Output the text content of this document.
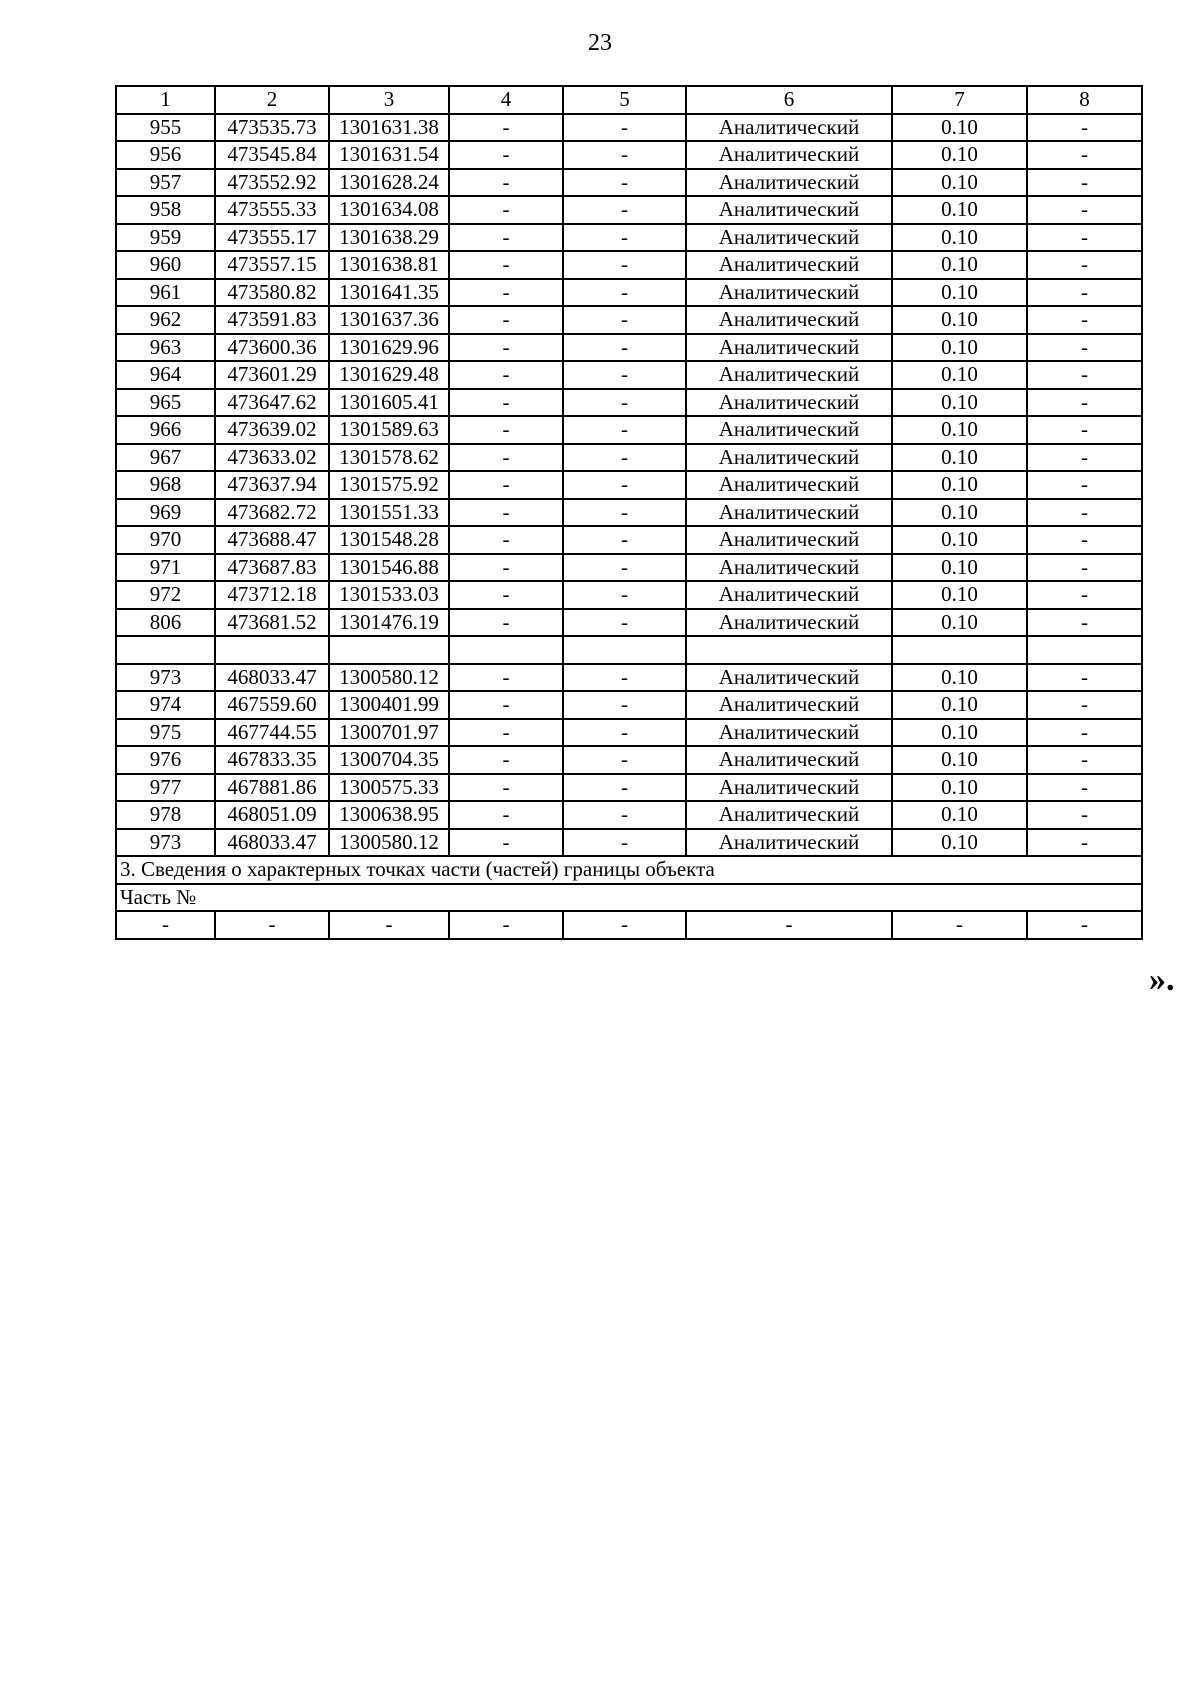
23
1	2	3	4	5	6	7	8
955	473535.73	1301631.38	-	-	Аналитический	0.10	-
956	473545.84	1301631.54	-	-	Аналитический	0.10	-
957	473552.92	1301628.24	-	-	Аналитический	0.10	-
958	473555.33	1301634.08	-	-	Аналитический	0.10	-
959	473555.17	1301638.29	-	-	Аналитический	0.10	-
960	473557.15	1301638.81	-	-	Аналитический	0.10	-
961	473580.82	1301641.35	-	-	Аналитический	0.10	-
962	473591.83	1301637.36	-	-	Аналитический	0.10	-
963	473600.36	1301629.96	-	-	Аналитический	0.10	-
964	473601.29	1301629.48	-	-	Аналитический	0.10	-
965	473647.62	1301605.41	-	-	Аналитический	0.10	-
966	473639.02	1301589.63	-	-	Аналитический	0.10	-
967	473633.02	1301578.62	-	-	Аналитический	0.10	-
968	473637.94	1301575.92	-	-	Аналитический	0.10	-
969	473682.72	1301551.33	-	-	Аналитический	0.10	-
970	473688.47	1301548.28	-	-	Аналитический	0.10	-
971	473687.83	1301546.88	-	-	Аналитический	0.10	-
972	473712.18	1301533.03	-	-	Аналитический	0.10	-
806	473681.52	1301476.19	-	-	Аналитический	0.10	-

973	468033.47	1300580.12	-	-	Аналитический	0.10	-
974	467559.60	1300401.99	-	-	Аналитический	0.10	-
975	467744.55	1300701.97	-	-	Аналитический	0.10	-
976	467833.35	1300704.35	-	-	Аналитический	0.10	-
977	467881.86	1300575.33	-	-	Аналитический	0.10	-
978	468051.09	1300638.95	-	-	Аналитический	0.10	-
973	468033.47	1300580.12	-	-	Аналитический	0.10	-
3. Сведения о характерных точках части (частей) границы объекта							
Часть №							
-	-	-	-	-	-	-	-
».
